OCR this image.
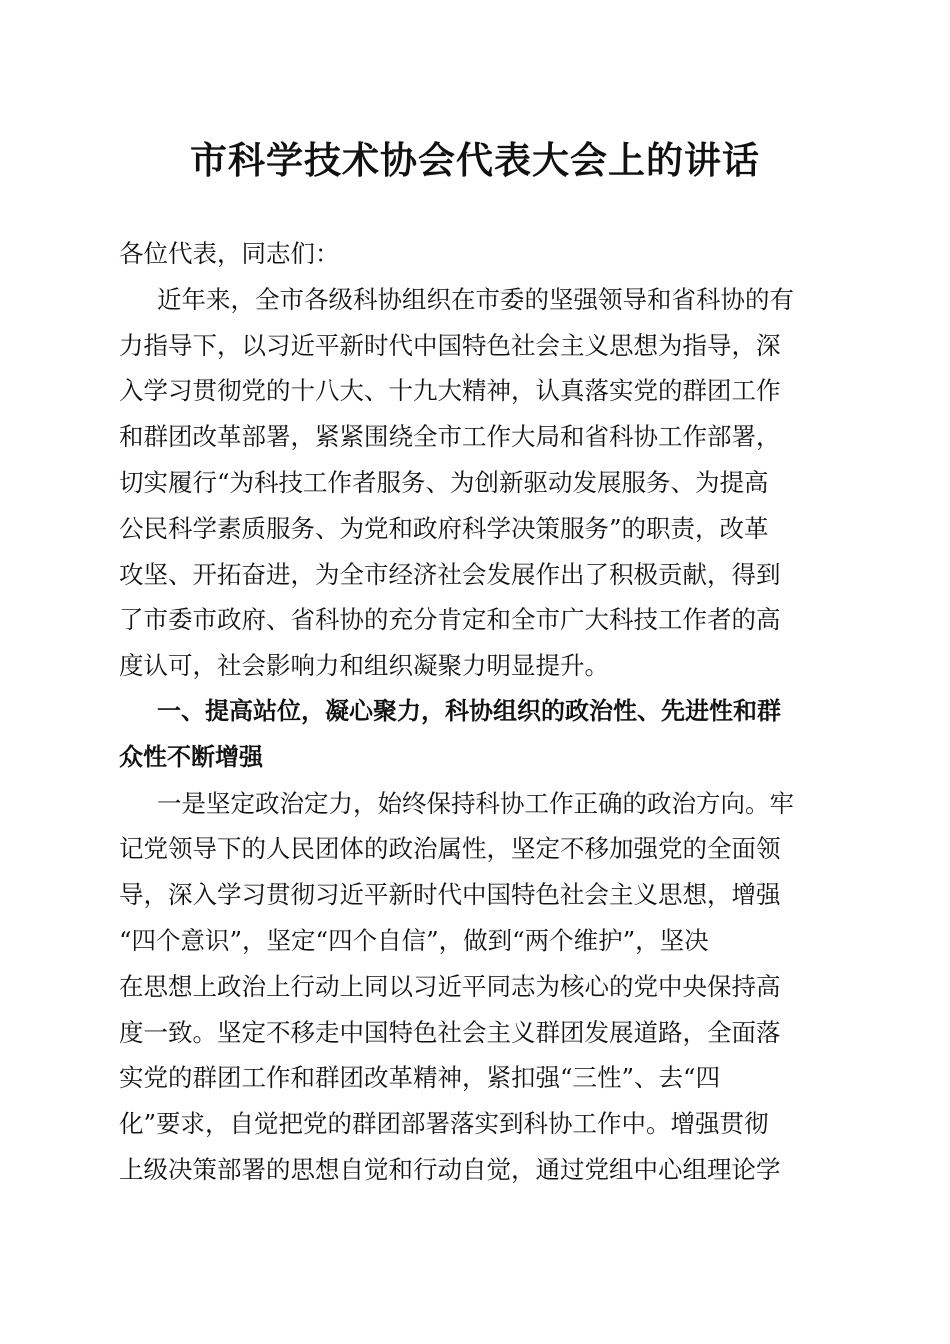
市科学技术协会代表大会上的讲话
各位代表，同志们：
近年来，全市各级科协组织在市委的坚强领导和省科协的有
力指导下，以习近平新时代中国特色社会主义思想为指导，深
入学习贯彻党的十八大、十九大精神，认真落实党的群团工作
和群团改革部署，紧紧围绕全市工作大局和省科协工作部署，
切实履行“为科技工作者服务、为创新驱动发展服务、为提高
公民科学素质服务、为党和政府科学决策服务”的职责，改革
攻坚、开拓奋进，为全市经济社会发展作出了积极贡献，得到
了市委市政府、省科协的充分肯定和全市广大科技工作者的高
度认可，社会影响力和组织凝聚力明显提升。
一、提高站位，凝心聚力，科协组织的政治性、先进性和群
众性不断增强
一是坚定政治定力，始终保持科协工作正确的政治方向。牢
记党领导下的人民团体的政治属性，坚定不移加强党的全面领
导，深入学习贯彻习近平新时代中国特色社会主义思想，增强
“四个意识”，坚定“四个自信”，做到“两个维护”，坚决
在思想上政治上行动上同以习近平同志为核心的党中央保持高
度一致。坚定不移走中国特色社会主义群团发展道路，全面落
实党的群团工作和群团改革精神，紧扣强“三性”、去“四
化”要求，自觉把党的群团部署落实到科协工作中。增强贯彻
上级决策部署的思想自觉和行动自觉，通过党组中心组理论学
